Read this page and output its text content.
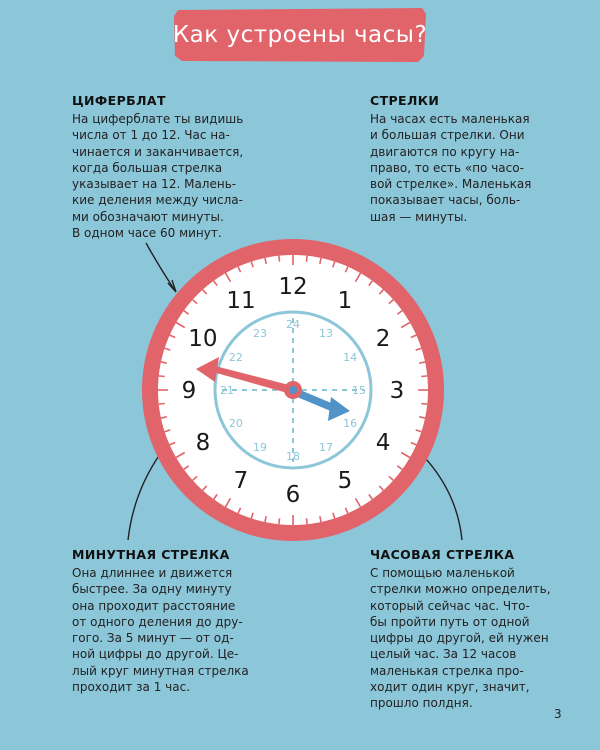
Как устроены часы?
ЦИФЕРБЛАТ

На циферблате ты видишь
числа от 1 до 12. Час на-
чинается и заканчивается,
когда большая стрелка
указывает на 12. Малень-
кие деления между числа-
ми обозначают минуты.
В одном часе 60 минут.

СТРЕЛКИ

На часах есть маленькая
и большая стрелки. Они
двигаются по кругу на-
право, то есть «по часо-
вой стрелке». Маленькая
показывает часы, боль-
шая — минуты.

МИНУТНАЯ СТРЕЛКА

Она длиннее и движется
быстрее. За одну минуту
она проходит расстояние
от одного деления до дру-
гого. За 5 минут — от од-
ной цифры до другой. Це-
лый круг минутная стрелка
проходит за 1 час.

ЧАСОВАЯ СТРЕЛКА

С помощью маленькой
стрелки можно определить,
который сейчас час. Что-
бы пройти путь от одной
цифры до другой, ей нужен
целый час. За 12 часов
маленькая стрелка про-
ходит один круг, значит,
прошло полдня.

1
2
3
4
5
6
7
8
9
10
11
12
13
14
15
16
17
18
19
20
21
22
23
24
3
